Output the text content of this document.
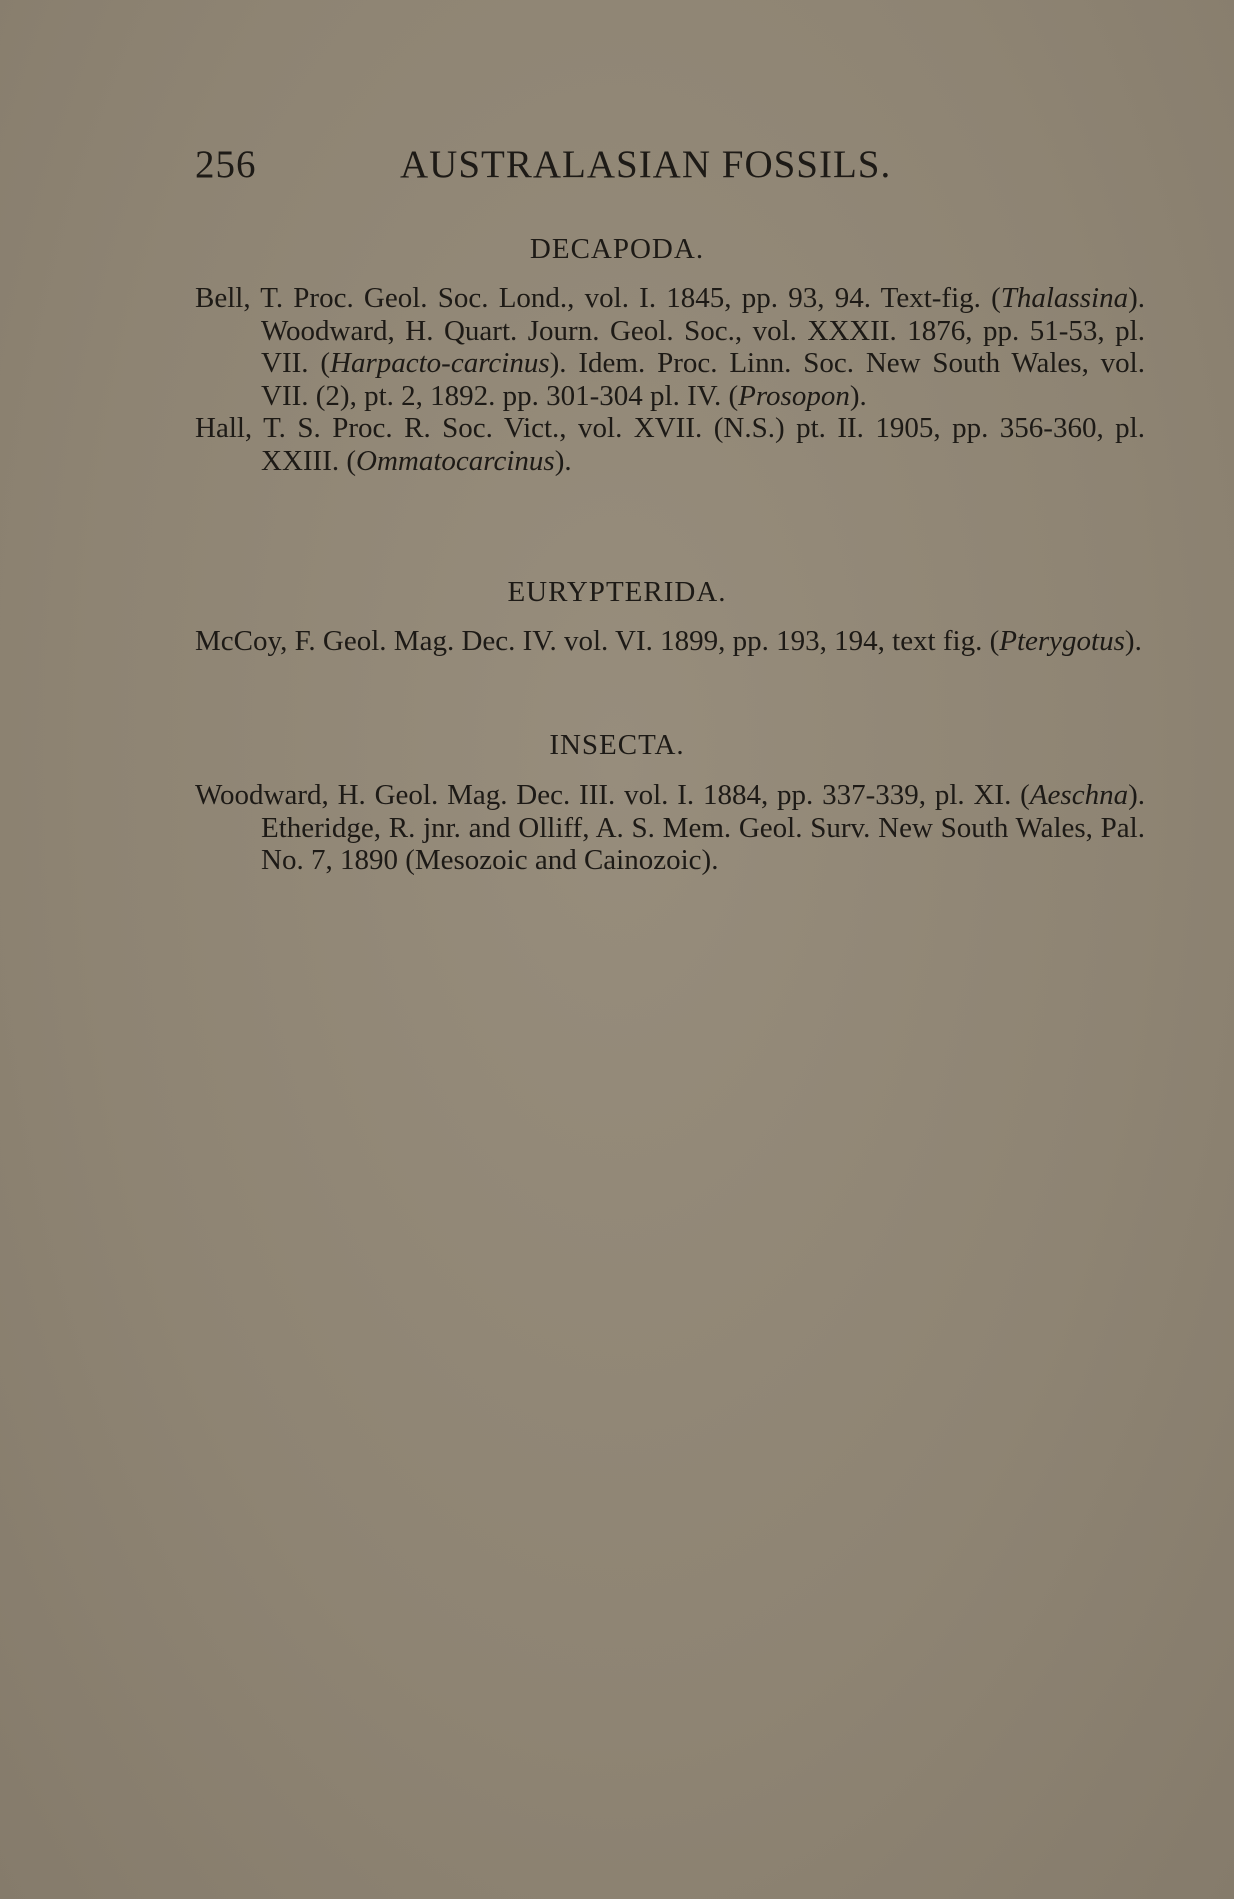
256	AUSTRALASIAN FOSSILS.
DECAPODA.

Bell, T. Proc. Geol. Soc. Lond., vol. I. 1845, pp. 93, 94. Text-fig. (Thalassina). Woodward, H. Quart. Journ. Geol. Soc., vol. XXXII. 1876, pp. 51-53, pl. VII. (Harpacto-carcinus). Idem. Proc. Linn. Soc. New South Wales, vol. VII. (2), pt. 2, 1892. pp. 301-304 pl. IV. (Prosopon).

Hall, T. S. Proc. R. Soc. Vict., vol. XVII. (N.S.) pt. II. 1905, pp. 356-360, pl. XXIII. (Ommatocarcinus).

EURYPTERIDA.

McCoy, F. Geol. Mag. Dec. IV. vol. VI. 1899, pp. 193, 194, text fig. (Pterygotus).

INSECTA.

Woodward, H. Geol. Mag. Dec. III. vol. I. 1884, pp. 337-339, pl. XI. (Aeschna). Etheridge, R. jnr. and Olliff, A. S. Mem. Geol. Surv. New South Wales, Pal. No. 7, 1890 (Mesozoic and Cainozoic).
